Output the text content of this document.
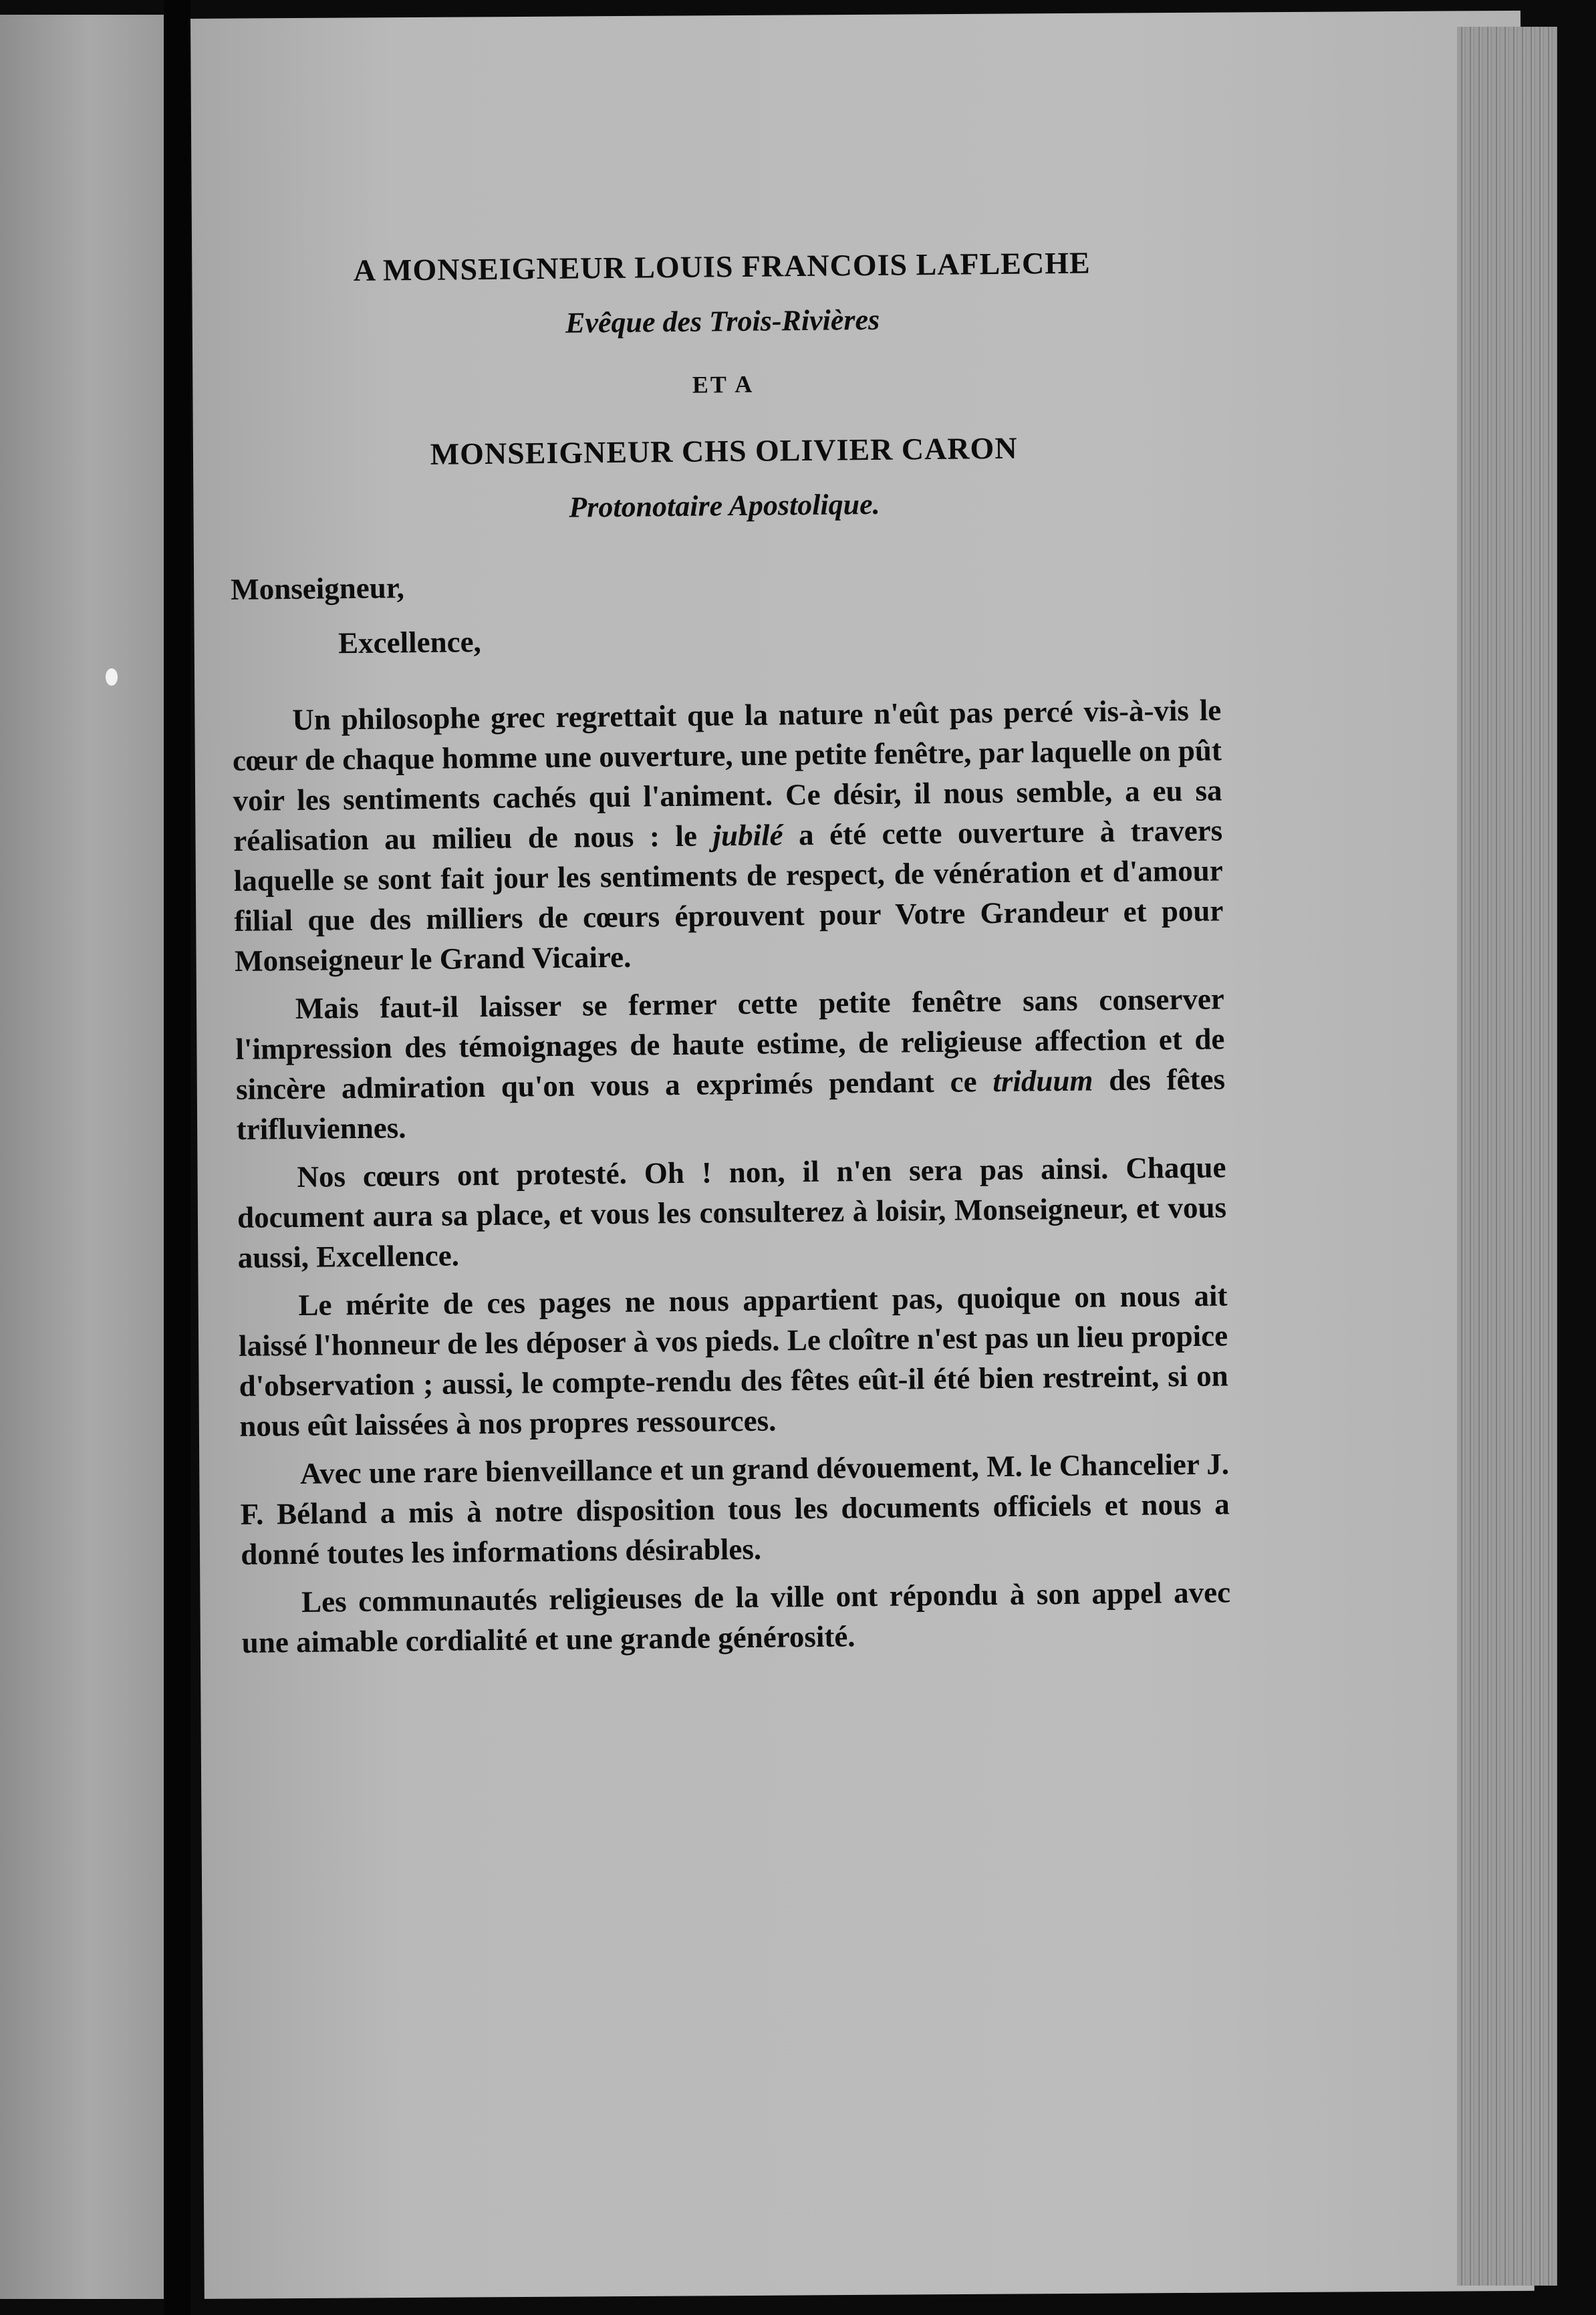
A MONSEIGNEUR LOUIS FRANCOIS LAFLECHE
Evêque des Trois-Rivières
ET A
MONSEIGNEUR CHS OLIVIER CARON
Protonotaire Apostolique.
Monseigneur,
Excellence,

Un philosophe grec regrettait que la nature n'eût pas percé vis-à-vis le cœur de chaque homme une ouverture, une petite fenêtre, par laquelle on pût voir les sentiments cachés qui l'animent. Ce désir, il nous semble, a eu sa réalisation au milieu de nous : le jubilé a été cette ouverture à travers laquelle se sont fait jour les sentiments de respect, de vénération et d'amour filial que des milliers de cœurs éprouvent pour Votre Grandeur et pour Monseigneur le Grand Vicaire.

Mais faut-il laisser se fermer cette petite fenêtre sans conserver l'impression des témoignages de haute estime, de religieuse affection et de sincère admiration qu'on vous a exprimés pendant ce triduum des fêtes trifluviennes.

Nos cœurs ont protesté. Oh ! non, il n'en sera pas ainsi. Chaque document aura sa place, et vous les consulterez à loisir, Monseigneur, et vous aussi, Excellence.

Le mérite de ces pages ne nous appartient pas, quoique on nous ait laissé l'honneur de les déposer à vos pieds. Le cloître n'est pas un lieu propice d'observation ; aussi, le compte-rendu des fêtes eût-il été bien restreint, si on nous eût laissées à nos propres ressources.

Avec une rare bienveillance et un grand dévouement, M. le Chancelier J. F. Béland a mis à notre disposition tous les documents officiels et nous a donné toutes les informations désirables.

Les communautés religieuses de la ville ont répondu à son appel avec une aimable cordialité et une grande générosité.
